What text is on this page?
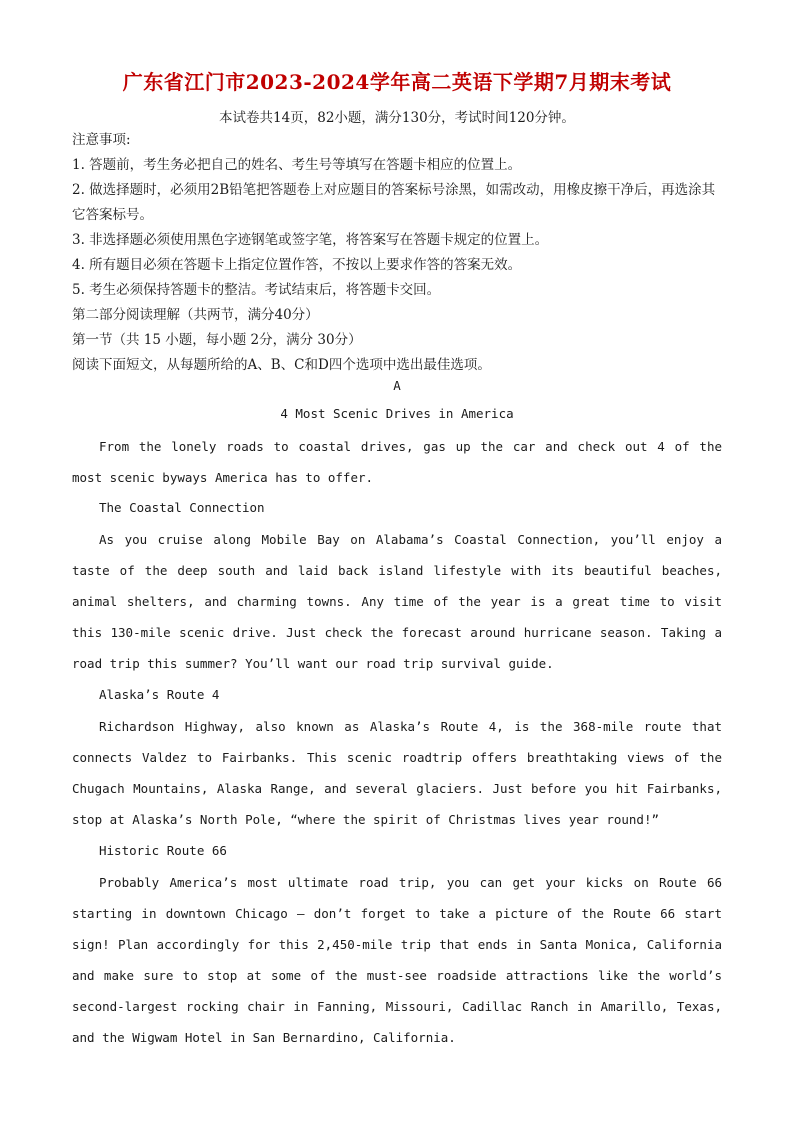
广东省江门市2023-2024学年高二英语下学期7月期末考试
本试卷共14页，82小题，满分130分，考试时间120分钟。

注意事项:

1. 答题前，考生务必把自己的姓名、考生号等填写在答题卡相应的位置上。

2. 做选择题时，必须用2B铅笔把答题卷上对应题目的答案标号涂黑，如需改动，用橡皮擦干净后，再选涂其它答案标号。

3. 非选择题必须使用黑色字迹钢笔或签字笔，将答案写在答题卡规定的位置上。

4. 所有题目必须在答题卡上指定位置作答，不按以上要求作答的答案无效。

5. 考生必须保持答题卡的整洁。考试结束后，将答题卡交回。

第二部分阅读理解（共两节，满分40分）

第一节（共 15 小题，每小题 2分，满分 30分）

阅读下面短文，从每题所给的A、B、C和D四个选项中选出最佳选项。

A
4 Most Scenic Drives in America
From the lonely roads to coastal drives, gas up the car and check out 4 of the most scenic byways America has to offer.
The Coastal Connection
As you cruise along Mobile Bay on Alabama’s Coastal Connection, you’ll enjoy a taste of the deep south and laid back island lifestyle with its beautiful beaches, animal shelters, and charming towns. Any time of the year is a great time to visit this 130-mile scenic drive. Just check the forecast around hurricane season. Taking a road trip this summer? You’ll want our road trip survival guide.
Alaska’s Route 4
Richardson Highway, also known as Alaska’s Route 4, is the 368-mile route that connects Valdez to Fairbanks. This scenic roadtrip offers breathtaking views of the Chugach Mountains, Alaska Range, and several glaciers. Just before you hit Fairbanks, stop at Alaska’s North Pole, “where the spirit of Christmas lives year round!”
Historic Route 66
Probably America’s most ultimate road trip, you can get your kicks on Route 66 starting in downtown Chicago — don’t forget to take a picture of the Route 66 start sign! Plan accordingly for this 2,450-mile trip that ends in Santa Monica, California and make sure to stop at some of the must-see roadside attractions like the world’s second-largest rocking chair in Fanning, Missouri, Cadillac Ranch in Amarillo, Texas, and the Wigwam Hotel in San Bernardino, California.
